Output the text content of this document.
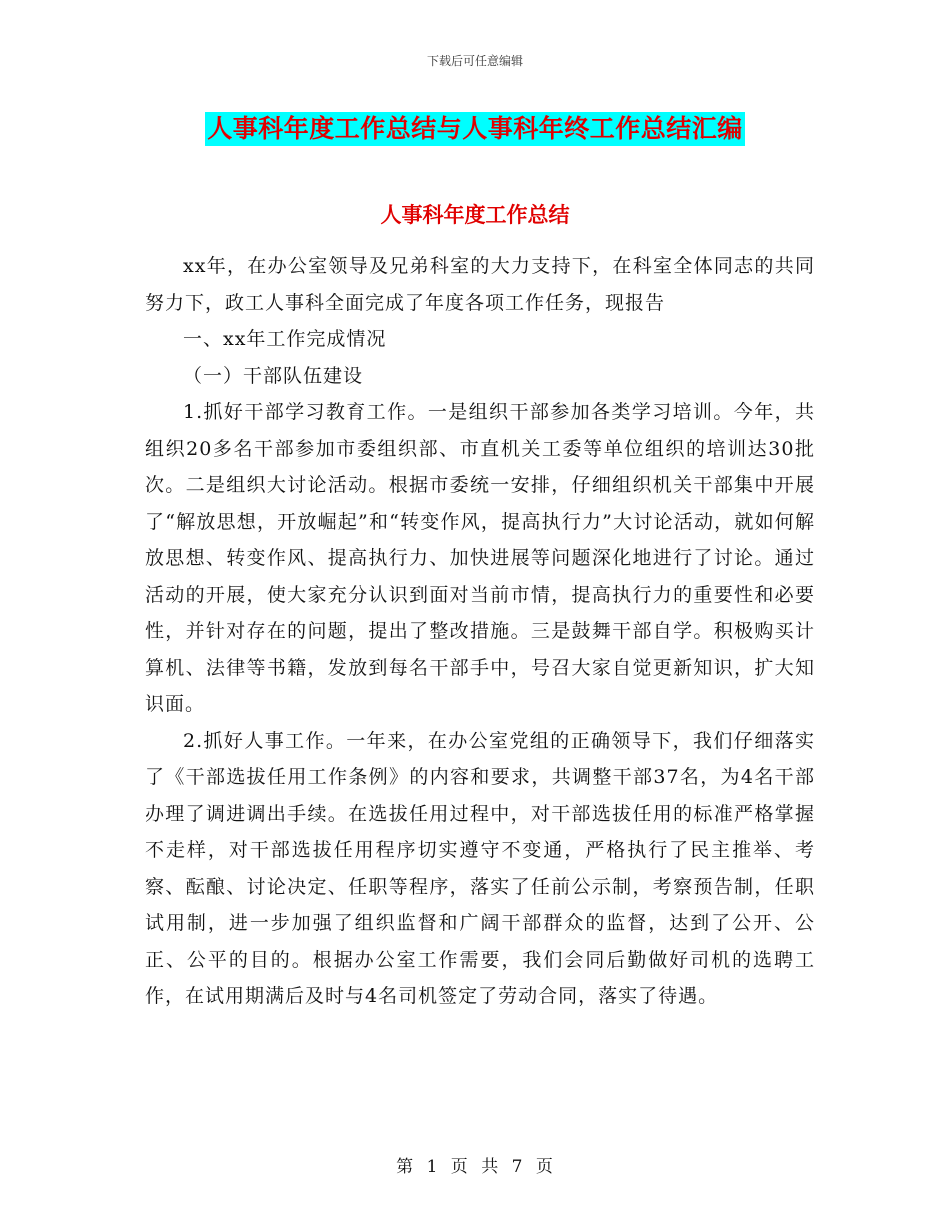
下载后可任意编辑
人事科年度工作总结与人事科年终工作总结汇编
人事科年度工作总结

xx年，在办公室领导及兄弟科室的大力支持下，在科室全体同志的共同努力下，政工人事科全面完成了年度各项工作任务，现报告

一、xx年工作完成情况

（一）干部队伍建设

1.抓好干部学习教育工作。一是组织干部参加各类学习培训。今年，共组织20多名干部参加市委组织部、市直机关工委等单位组织的培训达30批次。二是组织大讨论活动。根据市委统一安排，仔细组织机关干部集中开展了“解放思想，开放崛起”和“转变作风，提高执行力”大讨论活动，就如何解放思想、转变作风、提高执行力、加快进展等问题深化地进行了讨论。通过活动的开展，使大家充分认识到面对当前市情，提高执行力的重要性和必要性，并针对存在的问题，提出了整改措施。三是鼓舞干部自学。积极购买计算机、法律等书籍，发放到每名干部手中，号召大家自觉更新知识，扩大知识面。

2.抓好人事工作。一年来，在办公室党组的正确领导下，我们仔细落实了《干部选拔任用工作条例》的内容和要求，共调整干部37名，为4名干部办理了调进调出手续。在选拔任用过程中，对干部选拔任用的标准严格掌握不走样，对干部选拔任用程序切实遵守不变通，严格执行了民主推举、考察、酝酿、讨论决定、任职等程序，落实了任前公示制，考察预告制，任职试用制，进一步加强了组织监督和广阔干部群众的监督，达到了公开、公正、公平的目的。根据办公室工作需要，我们会同后勤做好司机的选聘工作，在试用期满后及时与4名司机签定了劳动合同，落实了待遇。

第 1 页 共 7 页
